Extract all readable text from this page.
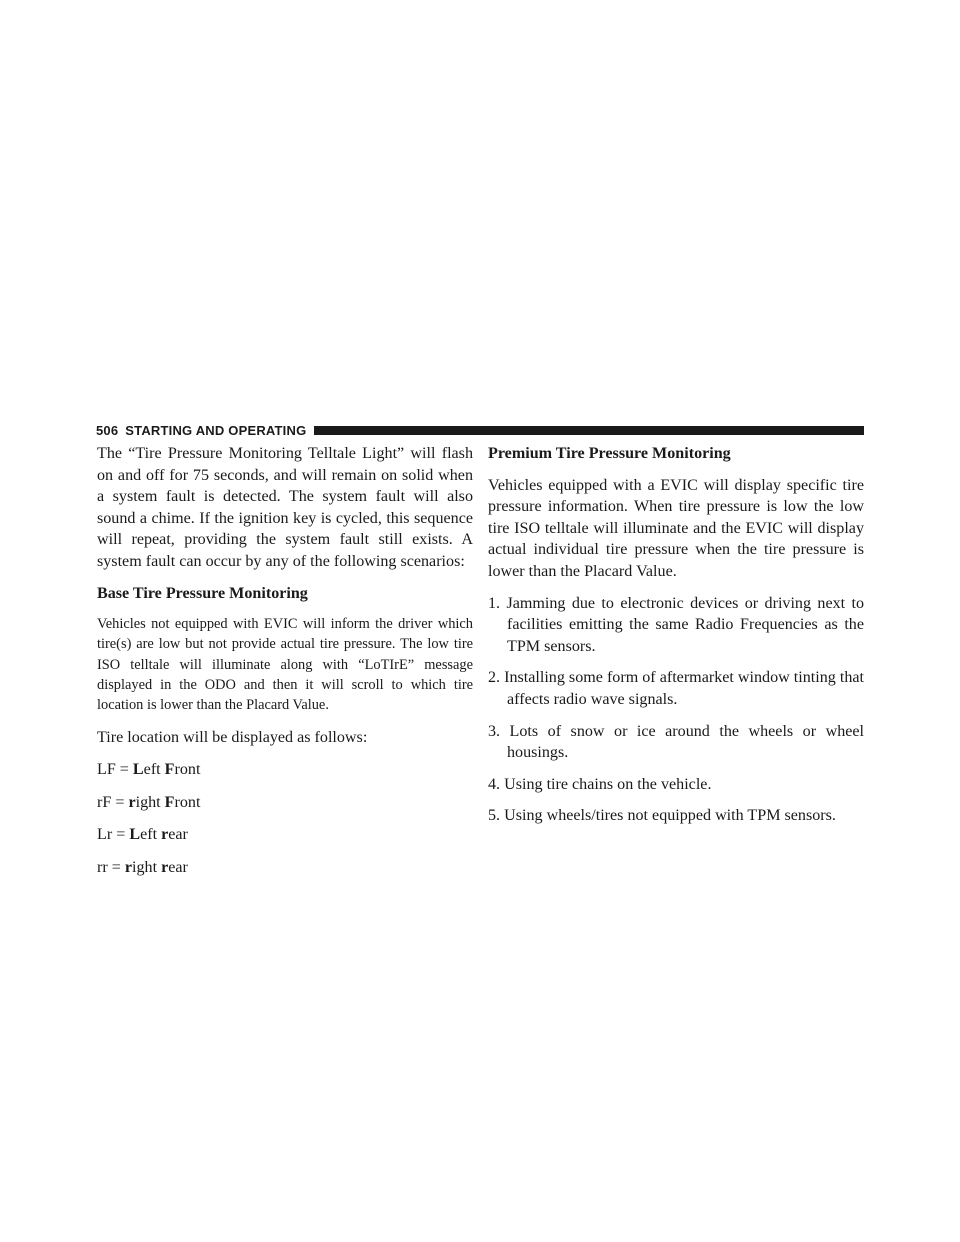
506 STARTING AND OPERATING

The “Tire Pressure Monitoring Telltale Light” will flash on and off for 75 seconds, and will remain on solid when a system fault is detected. The system fault will also sound a chime. If the ignition key is cycled, this sequence will repeat, providing the system fault still exists. A system fault can occur by any of the following scenarios:

Base Tire Pressure Monitoring

Vehicles not equipped with EVIC will inform the driver which tire(s) are low but not provide actual tire pressure. The low tire ISO telltale will illuminate along with “LoTIrE” message displayed in the ODO and then it will scroll to which tire location is lower than the Placard Value.

Tire location will be displayed as follows:

LF = Left Front

rF = right Front

Lr = Left rear

rr = right rear

Premium Tire Pressure Monitoring

Vehicles equipped with a EVIC will display specific tire pressure information. When tire pressure is low the low tire ISO telltale will illuminate and the EVIC will display actual individual tire pressure when the tire pressure is lower than the Placard Value.

1. Jamming due to electronic devices or driving next to facilities emitting the same Radio Frequencies as the TPM sensors.

2. Installing some form of aftermarket window tinting that affects radio wave signals.

3. Lots of snow or ice around the wheels or wheel housings.

4. Using tire chains on the vehicle.

5. Using wheels/tires not equipped with TPM sensors.
